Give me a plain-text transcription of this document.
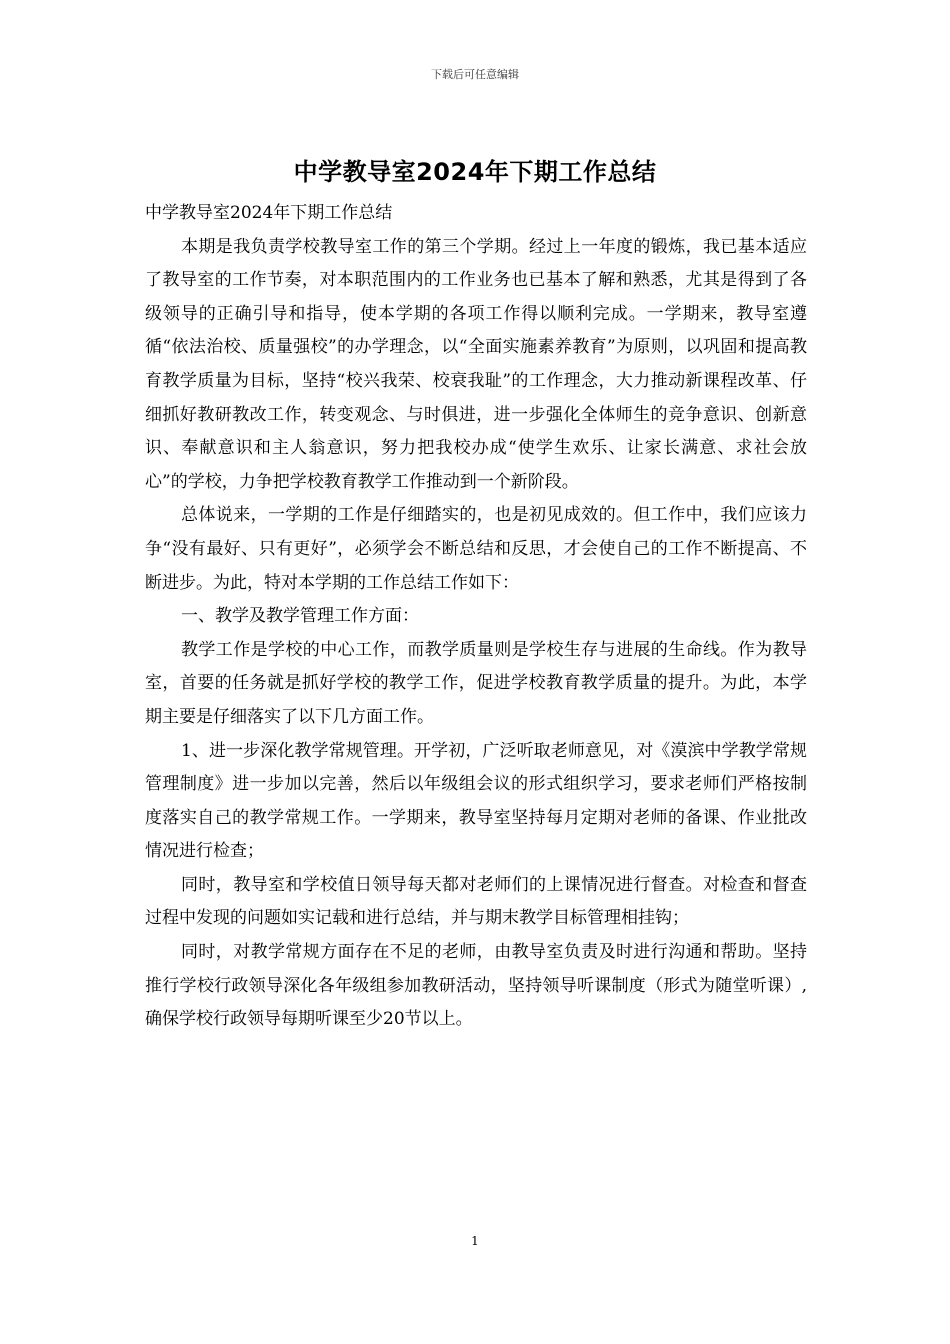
下载后可任意编辑
中学教导室2024年下期工作总结

中学教导室2024年下期工作总结

本期是我负责学校教导室工作的第三个学期。经过上一年度的锻炼，我已基本适应了教导室的工作节奏，对本职范围内的工作业务也已基本了解和熟悉，尤其是得到了各级领导的正确引导和指导，使本学期的各项工作得以顺利完成。一学期来，教导室遵循“依法治校、质量强校”的办学理念，以“全面实施素养教育”为原则，以巩固和提高教育教学质量为目标，坚持“校兴我荣、校衰我耻”的工作理念，大力推动新课程改革、仔细抓好教研教改工作，转变观念、与时俱进，进一步强化全体师生的竞争意识、创新意识、奉献意识和主人翁意识，努力把我校办成“使学生欢乐、让家长满意、求社会放心”的学校，力争把学校教育教学工作推动到一个新阶段。

总体说来，一学期的工作是仔细踏实的，也是初见成效的。但工作中，我们应该力争“没有最好、只有更好”，必须学会不断总结和反思，才会使自己的工作不断提高、不断进步。为此，特对本学期的工作总结工作如下：

一、教学及教学管理工作方面：

教学工作是学校的中心工作，而教学质量则是学校生存与进展的生命线。作为教导室，首要的任务就是抓好学校的教学工作，促进学校教育教学质量的提升。为此，本学期主要是仔细落实了以下几方面工作。

1、进一步深化教学常规管理。开学初，广泛听取老师意见，对《漠滨中学教学常规管理制度》进一步加以完善，然后以年级组会议的形式组织学习，要求老师们严格按制度落实自己的教学常规工作。一学期来，教导室坚持每月定期对老师的备课、作业批改情况进行检查；

同时，教导室和学校值日领导每天都对老师们的上课情况进行督查。对检查和督查过程中发现的问题如实记载和进行总结，并与期末教学目标管理相挂钩；

同时，对教学常规方面存在不足的老师，由教导室负责及时进行沟通和帮助。坚持推行学校行政领导深化各年级组参加教研活动，坚持领导听课制度（形式为随堂听课）,确保学校行政领导每期听课至少20节以上。

1
